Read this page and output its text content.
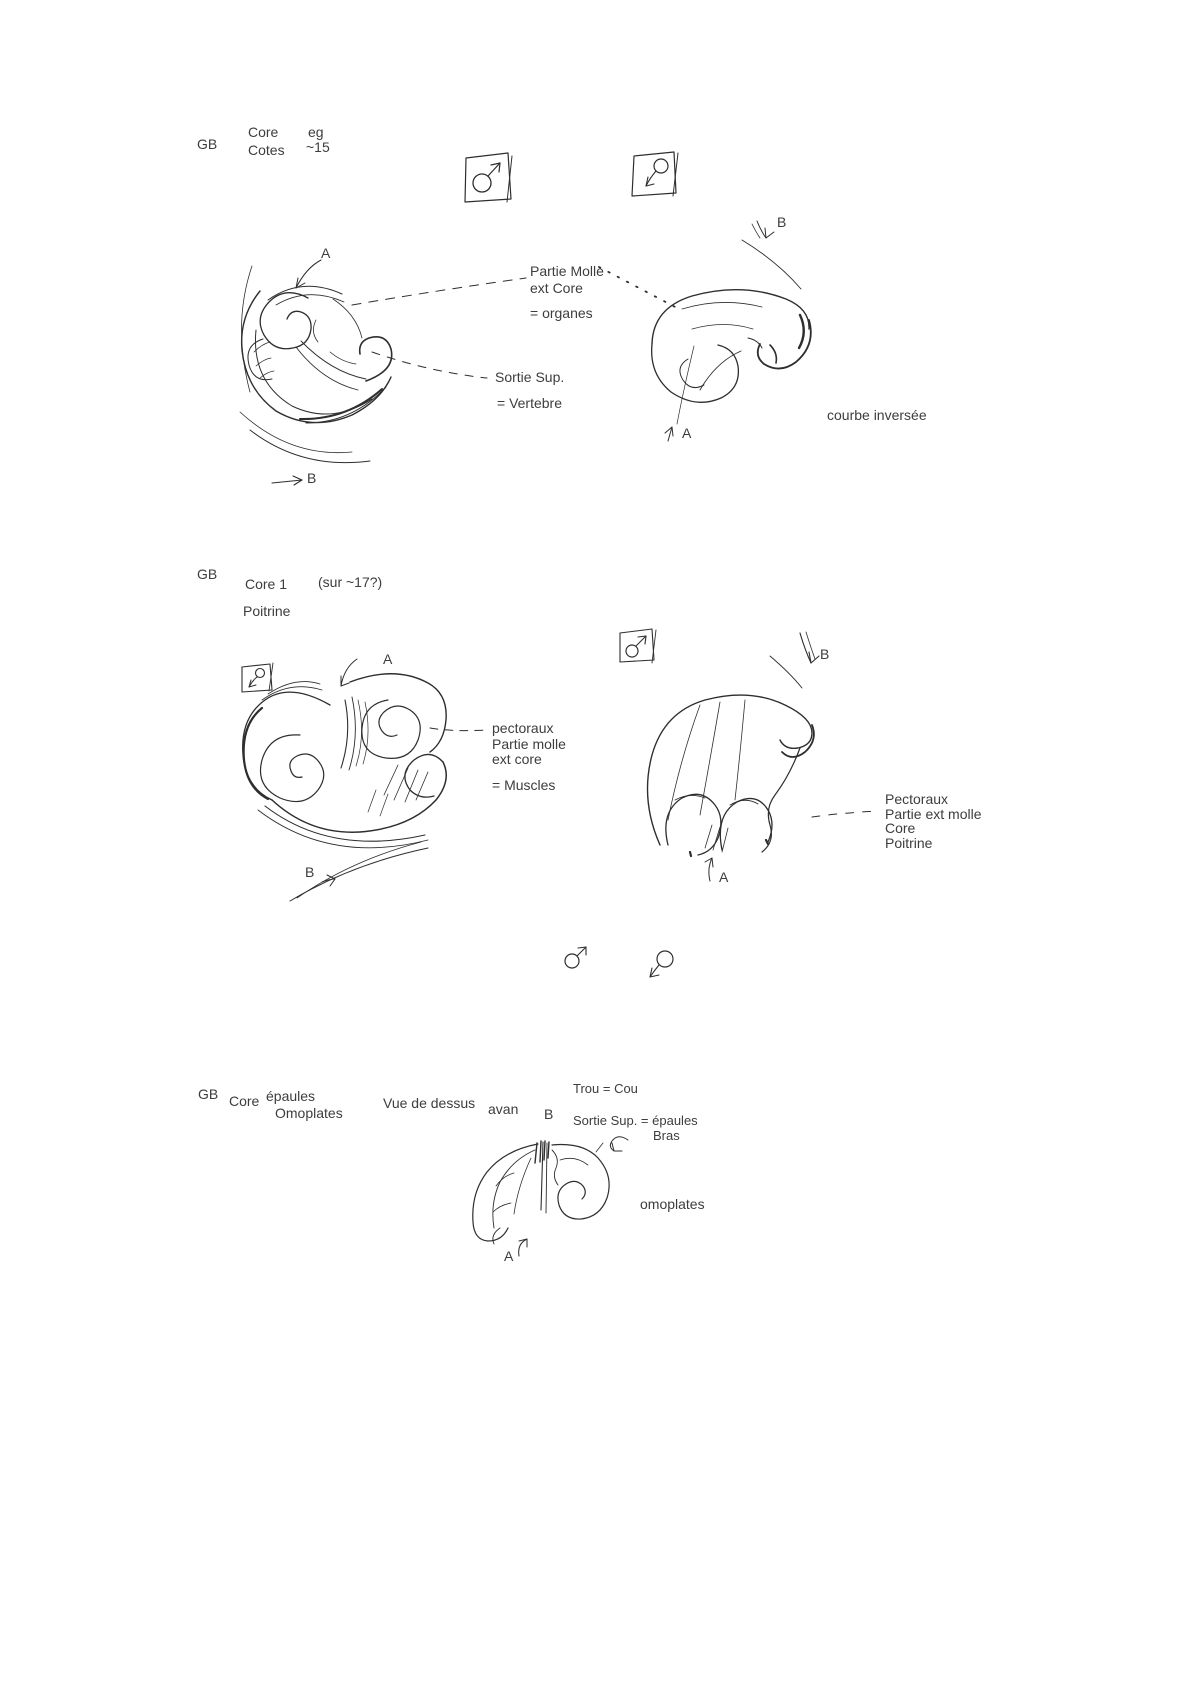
GB
Core
Cotes
eg
~15
A
Partie Molle
ext Core
= organes
Sortie Sup.
= Vertebre
B
B
A
courbe inversée
GB
Core 1 (sur ~17?)
Poitrine
A
pectoraux
Partie molle
ext core
= Muscles
B
B
Pectoraux
Partie ext molle
Core
Poitrine
A
GB Core épaules
Omoplates
Vue de dessus avan B
Trou = Cou
Sortie Sup. = épaules
Bras
omoplates
A
